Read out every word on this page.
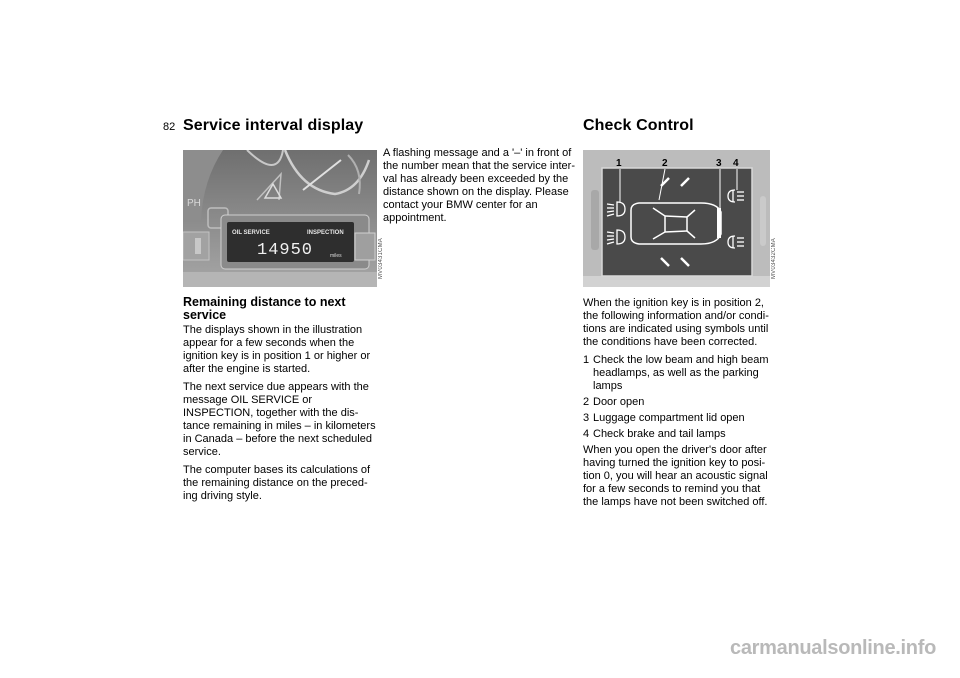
82 Service interval display
PH
OIL SERVICE	INSPECTION
14950	miles	MV03431CMA
Remaining distance to next service

The displays shown in the illustration appear for a few seconds when the ignition key is in position 1 or higher or after the engine is started.

The next service due appears with the message OIL SERVICE or INSPECTION, together with the dis-tance remaining in miles – in kilometers in Canada – before the next scheduled service.

The computer bases its calculations of the remaining distance on the preced-ing driving style.

A flashing message and a '–' in front of the number mean that the service inter-val has already been exceeded by the distance shown on the display. Please contact your BMW center for an appointment.

Check Control
1	2	3 4
MV03432CMA

When the ignition key is in position 2, the following information and/or condi-tions are indicated using symbols until the conditions have been corrected.

1 Check the low beam and high beam headlamps, as well as the parking lamps
2 Door open
3 Luggage compartment lid open
4 Check brake and tail lamps

When you open the driver's door after having turned the ignition key to posi-tion 0, you will hear an acoustic signal for a few seconds to remind you that the lamps have not been switched off.

carmanualsonline.info
